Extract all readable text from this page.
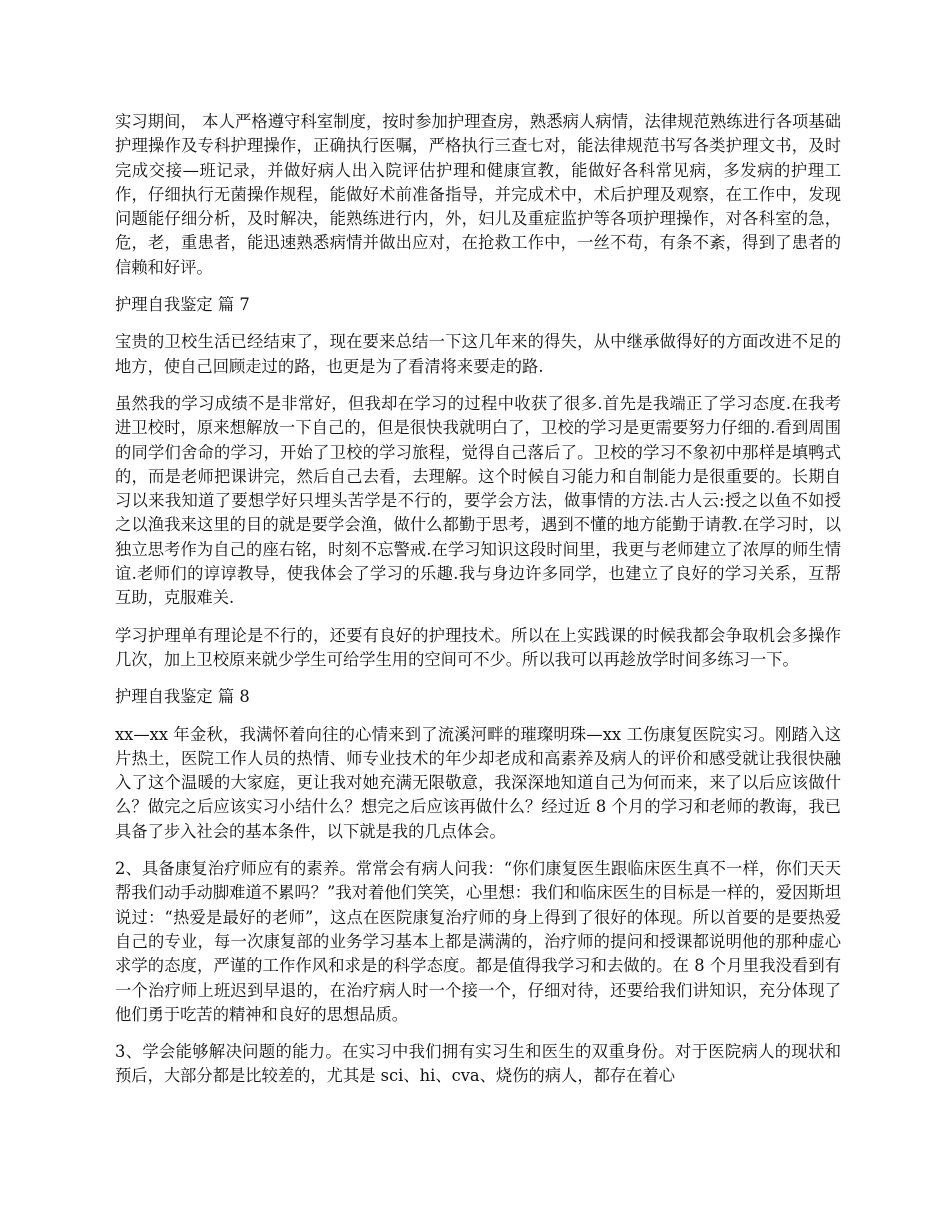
实习期间， 本人严格遵守科室制度，按时参加护理查房，熟悉病人病情，法律规范熟练进行各项基础护理操作及专科护理操作，正确执行医嘱，严格执行三查七对，能法律规范书写各类护理文书，及时完成交接—班记录，并做好病人出入院评估护理和健康宣教，能做好各科常见病，多发病的护理工作，仔细执行无菌操作规程，能做好术前准备指导，并完成术中，术后护理及观察，在工作中，发现问题能仔细分析，及时解决，能熟练进行内，外，妇儿及重症监护等各项护理操作，对各科室的急，危，老，重患者，能迅速熟悉病情并做出应对，在抢救工作中，一丝不苟，有条不紊，得到了患者的信赖和好评。

护理自我鉴定 篇 7

宝贵的卫校生活已经结束了，现在要来总结一下这几年来的得失，从中继承做得好的方面改进不足的地方，使自己回顾走过的路，也更是为了看清将来要走的路.

虽然我的学习成绩不是非常好，但我却在学习的过程中收获了很多.首先是我端正了学习态度.在我考进卫校时，原来想解放一下自己的，但是很快我就明白了，卫校的学习是更需要努力仔细的.看到周围的同学们舍命的学习，开始了卫校的学习旅程，觉得自己落后了。卫校的学习不象初中那样是填鸭式的，而是老师把课讲完，然后自己去看，去理解。这个时候自习能力和自制能力是很重要的。长期自习以来我知道了要想学好只埋头苦学是不行的，要学会方法，做事情的方法.古人云:授之以鱼不如授之以渔我来这里的目的就是要学会渔，做什么都勤于思考，遇到不懂的地方能勤于请教.在学习时，以独立思考作为自己的座右铭，时刻不忘警戒.在学习知识这段时间里，我更与老师建立了浓厚的师生情谊.老师们的谆谆教导，使我体会了学习的乐趣.我与身边许多同学，也建立了良好的学习关系，互帮互助，克服难关.

学习护理单有理论是不行的，还要有良好的护理技术。所以在上实践课的时候我都会争取机会多操作几次，加上卫校原来就少学生可给学生用的空间可不少。所以我可以再趁放学时间多练习一下。

护理自我鉴定 篇 8

xx—xx 年金秋，我满怀着向往的心情来到了流溪河畔的璀璨明珠—xx 工伤康复医院实习。刚踏入这片热土，医院工作人员的热情、师专业技术的年少却老成和高素养及病人的评价和感受就让我很快融入了这个温暖的大家庭，更让我对她充满无限敬意，我深深地知道自己为何而来，来了以后应该做什么？做完之后应该实习小结什么？想完之后应该再做什么？经过近 8 个月的学习和老师的教诲，我已具备了步入社会的基本条件，以下就是我的几点体会。

2、具备康复治疗师应有的素养。常常会有病人问我：“你们康复医生跟临床医生真不一样，你们天天帮我们动手动脚难道不累吗？”我对着他们笑笑，心里想：我们和临床医生的目标是一样的，爱因斯坦说过：“热爱是最好的老师”，这点在医院康复治疗师的身上得到了很好的体现。所以首要的是要热爱自己的专业，每一次康复部的业务学习基本上都是满满的，治疗师的提问和授课都说明他的那种虚心求学的态度，严谨的工作作风和求是的科学态度。都是值得我学习和去做的。在 8 个月里我没看到有一个治疗师上班迟到早退的，在治疗病人时一个接一个，仔细对待，还要给我们讲知识，充分体现了他们勇于吃苦的精神和良好的思想品质。

3、学会能够解决问题的能力。在实习中我们拥有实习生和医生的双重身份。对于医院病人的现状和预后，大部分都是比较差的，尤其是 sci、hi、cva、烧伤的病人，都存在着心
